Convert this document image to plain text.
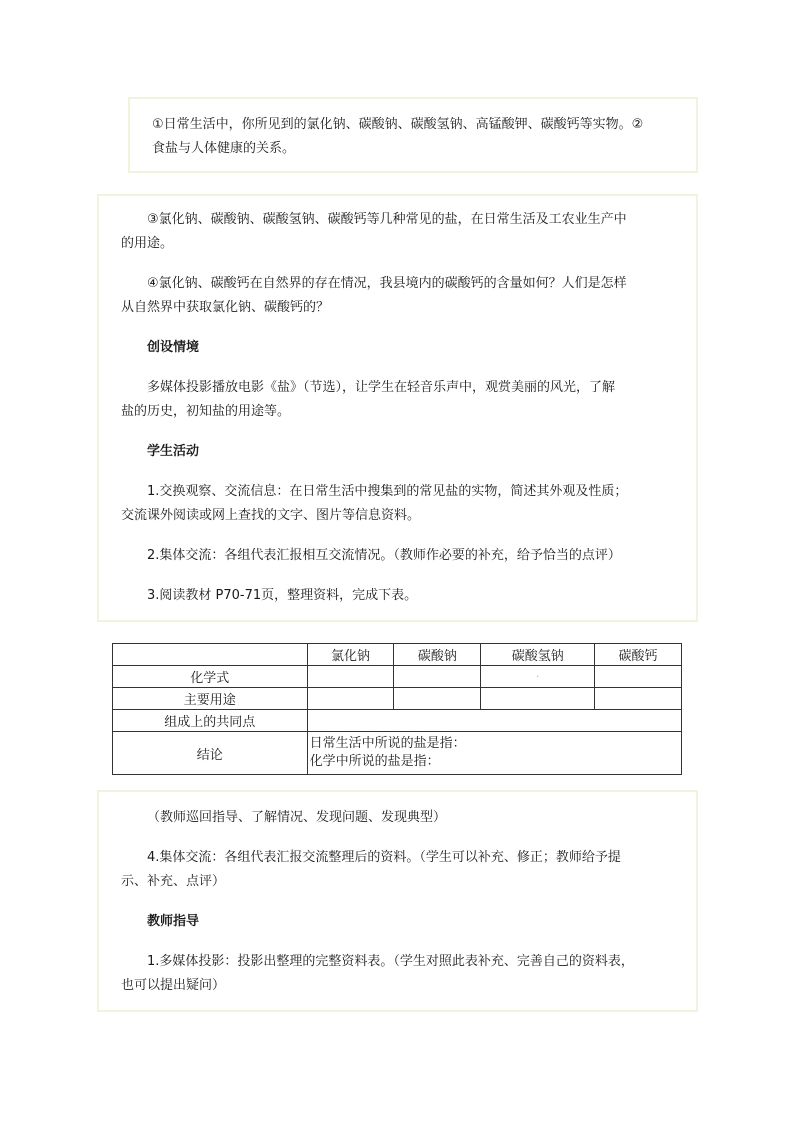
①日常生活中，你所见到的氯化钠、碳酸钠、碳酸氢钠、高锰酸钾、碳酸钙等实物。②

食盐与人体健康的关系。

③氯化钠、碳酸钠、碳酸氢钠、碳酸钙等几种常见的盐，在日常生活及工农业生产中

的用途。

④氯化钠、碳酸钙在自然界的存在情况，我县境内的碳酸钙的含量如何？人们是怎样

从自然界中获取氯化钠、碳酸钙的？

创设情境

多媒体投影播放电影《盐》（节选），让学生在轻音乐声中，观赏美丽的风光，了解

盐的历史，初知盐的用途等。

学生活动

1.交换观察、交流信息：在日常生活中搜集到的常见盐的实物，简述其外观及性质；

交流课外阅读或网上查找的文字、图片等信息资料。

2.集体交流：各组代表汇报相互交流情况。（教师作必要的补充，给予恰当的点评）

3.阅读教材 P70-71页，整理资料，完成下表。

	氯化钠	碳酸钠	碳酸氢钠	碳酸钙
化学式			·	
主要用途				
组成上的共同点				
结论	日常生活中所说的盐是指：
化学中所说的盐是指：			

（教师巡回指导、了解情况、发现问题、发现典型）

4.集体交流：各组代表汇报交流整理后的资料。（学生可以补充、修正；教师给予提

示、补充、点评）

教师指导

1.多媒体投影：投影出整理的完整资料表。（学生对照此表补充、完善自己的资料表，

也可以提出疑问）
